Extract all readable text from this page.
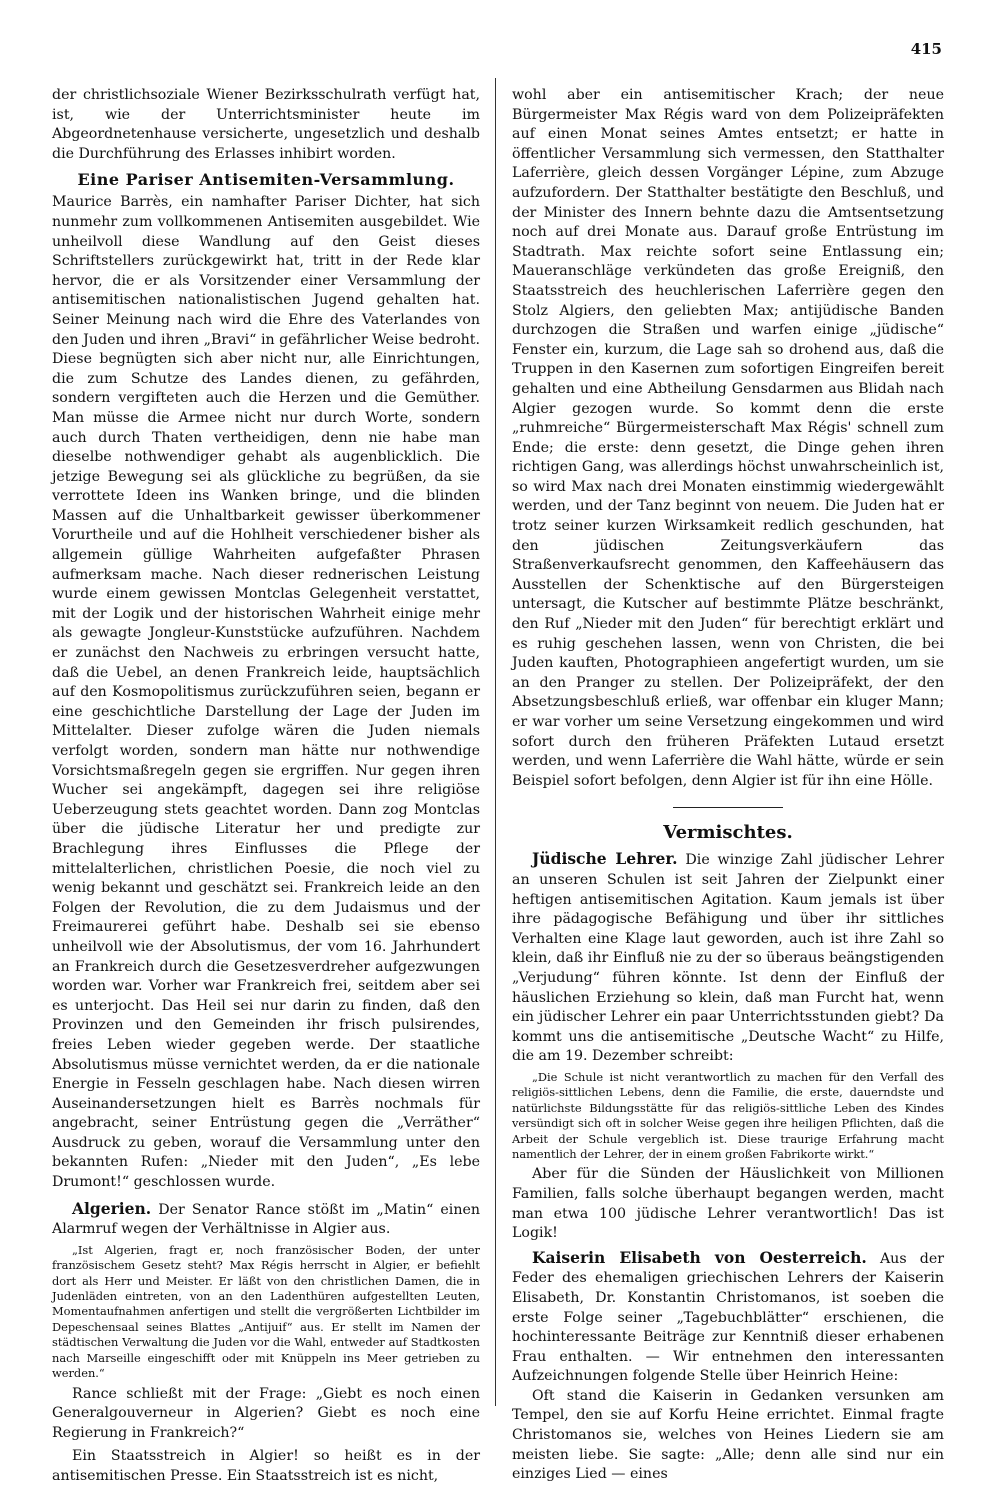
415

der christlichsoziale Wiener Bezirksschulrath verfügt hat, ist, wie der Unterrichtsminister heute im Abgeordnetenhause versicherte, ungesetzlich und deshalb die Durchführung des Erlasses inhibirt worden.

Eine Pariser Antisemiten-Versammlung.

Maurice Barrès, ein namhafter Pariser Dichter, hat sich nunmehr zum vollkommenen Antisemiten ausgebildet. Wie unheilvoll diese Wandlung auf den Geist dieses Schriftstellers zurückgewirkt hat, tritt in der Rede klar hervor, die er als Vorsitzender einer Versammlung der antisemitischen nationalistischen Jugend gehalten hat. Seiner Meinung nach wird die Ehre des Vaterlandes von den Juden und ihren „Bravi“ in gefährlicher Weise bedroht. Diese begnügten sich aber nicht nur, alle Einrichtungen, die zum Schutze des Landes dienen, zu gefährden, sondern vergifteten auch die Herzen und die Gemüther. Man müsse die Armee nicht nur durch Worte, sondern auch durch Thaten vertheidigen, denn nie habe man dieselbe nothwendiger gehabt als augenblicklich. Die jetzige Bewegung sei als glückliche zu begrüßen, da sie verrottete Ideen ins Wanken bringe, und die blinden Massen auf die Unhaltbarkeit gewisser überkommener Vorurtheile und auf die Hohlheit verschiedener bisher als allgemein güllige Wahrheiten aufgefaßter Phrasen aufmerksam mache. Nach dieser rednerischen Leistung wurde einem gewissen Montclas Gelegenheit verstattet, mit der Logik und der historischen Wahrheit einige mehr als gewagte Jongleur-Kunststücke aufzuführen. Nachdem er zunächst den Nachweis zu erbringen versucht hatte, daß die Uebel, an denen Frankreich leide, hauptsächlich auf den Kosmopolitismus zurückzuführen seien, begann er eine geschichtliche Darstellung der Lage der Juden im Mittelalter. Dieser zufolge wären die Juden niemals verfolgt worden, sondern man hätte nur nothwendige Vorsichtsmaßregeln gegen sie ergriffen. Nur gegen ihren Wucher sei angekämpft, dagegen sei ihre religiöse Ueberzeugung stets geachtet worden. Dann zog Montclas über die jüdische Literatur her und predigte zur Brachlegung ihres Einflusses die Pflege der mittelalterlichen, christlichen Poesie, die noch viel zu wenig bekannt und geschätzt sei. Frankreich leide an den Folgen der Revolution, die zu dem Judaismus und der Freimaurerei geführt habe. Deshalb sei sie ebenso unheilvoll wie der Absolutismus, der vom 16. Jahrhundert an Frankreich durch die Gesetzesverdreher aufgezwungen worden war. Vorher war Frankreich frei, seitdem aber sei es unterjocht. Das Heil sei nur darin zu finden, daß den Provinzen und den Gemeinden ihr frisch pulsirendes, freies Leben wieder gegeben werde. Der staatliche Absolutismus müsse vernichtet werden, da er die nationale Energie in Fesseln geschlagen habe. Nach diesen wirren Auseinandersetzungen hielt es Barrès nochmals für angebracht, seiner Entrüstung gegen die „Verräther“ Ausdruck zu geben, worauf die Versammlung unter den bekannten Rufen: „Nieder mit den Juden“, „Es lebe Drumont!“ geschlossen wurde.

Algerien. Der Senator Rance stößt im „Matin“ einen Alarmruf wegen der Verhältnisse in Algier aus.

„Ist Algerien, fragt er, noch französischer Boden, der unter französischem Gesetz steht? Max Régis herrscht in Algier, er befiehlt dort als Herr und Meister. Er läßt von den christlichen Damen, die in Judenläden eintreten, von an den Ladenthüren aufgestellten Leuten, Momentaufnahmen anfertigen und stellt die vergrößerten Lichtbilder im Depeschensaal seines Blattes „Antijuif“ aus. Er stellt im Namen der städtischen Verwaltung die Juden vor die Wahl, entweder auf Stadtkosten nach Marseille eingeschifft oder mit Knüppeln ins Meer getrieben zu werden.“

Rance schließt mit der Frage: „Giebt es noch einen Generalgouverneur in Algerien? Giebt es noch eine Regierung in Frankreich?“

Ein Staatsstreich in Algier! so heißt es in der antisemitischen Presse. Ein Staatsstreich ist es nicht,

wohl aber ein antisemitischer Krach; der neue Bürgermeister Max Régis ward von dem Polizeipräfekten auf einen Monat seines Amtes entsetzt; er hatte in öffentlicher Versammlung sich vermessen, den Statthalter Laferrière, gleich dessen Vorgänger Lépine, zum Abzuge aufzufordern. Der Statthalter bestätigte den Beschluß, und der Minister des Innern behnte dazu die Amtsentsetzung noch auf drei Monate aus. Darauf große Entrüstung im Stadtrath. Max reichte sofort seine Entlassung ein; Maueranschläge verkündeten das große Ereigniß, den Staatsstreich des heuchlerischen Laferrière gegen den Stolz Algiers, den geliebten Max; antijüdische Banden durchzogen die Straßen und warfen einige „jüdische“ Fenster ein, kurzum, die Lage sah so drohend aus, daß die Truppen in den Kasernen zum sofortigen Eingreifen bereit gehalten und eine Abtheilung Gensdarmen aus Blidah nach Algier gezogen wurde. So kommt denn die erste „ruhmreiche“ Bürgermeisterschaft Max Régis' schnell zum Ende; die erste: denn gesetzt, die Dinge gehen ihren richtigen Gang, was allerdings höchst unwahrscheinlich ist, so wird Max nach drei Monaten einstimmig wiedergewählt werden, und der Tanz beginnt von neuem. Die Juden hat er trotz seiner kurzen Wirksamkeit redlich geschunden, hat den jüdischen Zeitungsverkäufern das Straßenverkaufsrecht genommen, den Kaffeehäusern das Ausstellen der Schenktische auf den Bürgersteigen untersagt, die Kutscher auf bestimmte Plätze beschränkt, den Ruf „Nieder mit den Juden“ für berechtigt erklärt und es ruhig geschehen lassen, wenn von Christen, die bei Juden kauften, Photographieen angefertigt wurden, um sie an den Pranger zu stellen. Der Polizeipräfekt, der den Absetzungsbeschluß erließ, war offenbar ein kluger Mann; er war vorher um seine Versetzung eingekommen und wird sofort durch den früheren Präfekten Lutaud ersetzt werden, und wenn Laferrière die Wahl hätte, würde er sein Beispiel sofort befolgen, denn Algier ist für ihn eine Hölle.

Vermischtes.

Jüdische Lehrer. Die winzige Zahl jüdischer Lehrer an unseren Schulen ist seit Jahren der Zielpunkt einer heftigen antisemitischen Agitation. Kaum jemals ist über ihre pädagogische Befähigung und über ihr sittliches Verhalten eine Klage laut geworden, auch ist ihre Zahl so klein, daß ihr Einfluß nie zu der so überaus beängstigenden „Verjudung“ führen könnte. Ist denn der Einfluß der häuslichen Erziehung so klein, daß man Furcht hat, wenn ein jüdischer Lehrer ein paar Unterrichtsstunden giebt? Da kommt uns die antisemitische „Deutsche Wacht“ zu Hilfe, die am 19. Dezember schreibt:

„Die Schule ist nicht verantwortlich zu machen für den Verfall des religiös-sittlichen Lebens, denn die Familie, die erste, dauerndste und natürlichste Bildungsstätte für das religiös-sittliche Leben des Kindes versündigt sich oft in solcher Weise gegen ihre heiligen Pflichten, daß die Arbeit der Schule vergeblich ist. Diese traurige Erfahrung macht namentlich der Lehrer, der in einem großen Fabrikorte wirkt.“

Aber für die Sünden der Häuslichkeit von Millionen Familien, falls solche überhaupt begangen werden, macht man etwa 100 jüdische Lehrer verantwortlich! Das ist Logik!

Kaiserin Elisabeth von Oesterreich. Aus der Feder des ehemaligen griechischen Lehrers der Kaiserin Elisabeth, Dr. Konstantin Christomanos, ist soeben die erste Folge seiner „Tagebuchblätter“ erschienen, die hochinteressante Beiträge zur Kenntniß dieser erhabenen Frau enthalten. — Wir entnehmen den interessanten Aufzeichnungen folgende Stelle über Heinrich Heine:

Oft stand die Kaiserin in Gedanken versunken am Tempel, den sie auf Korfu Heine errichtet. Einmal fragte Christomanos sie, welches von Heines Liedern sie am meisten liebe. Sie sagte: „Alle; denn alle sind nur ein einziges Lied — eines
